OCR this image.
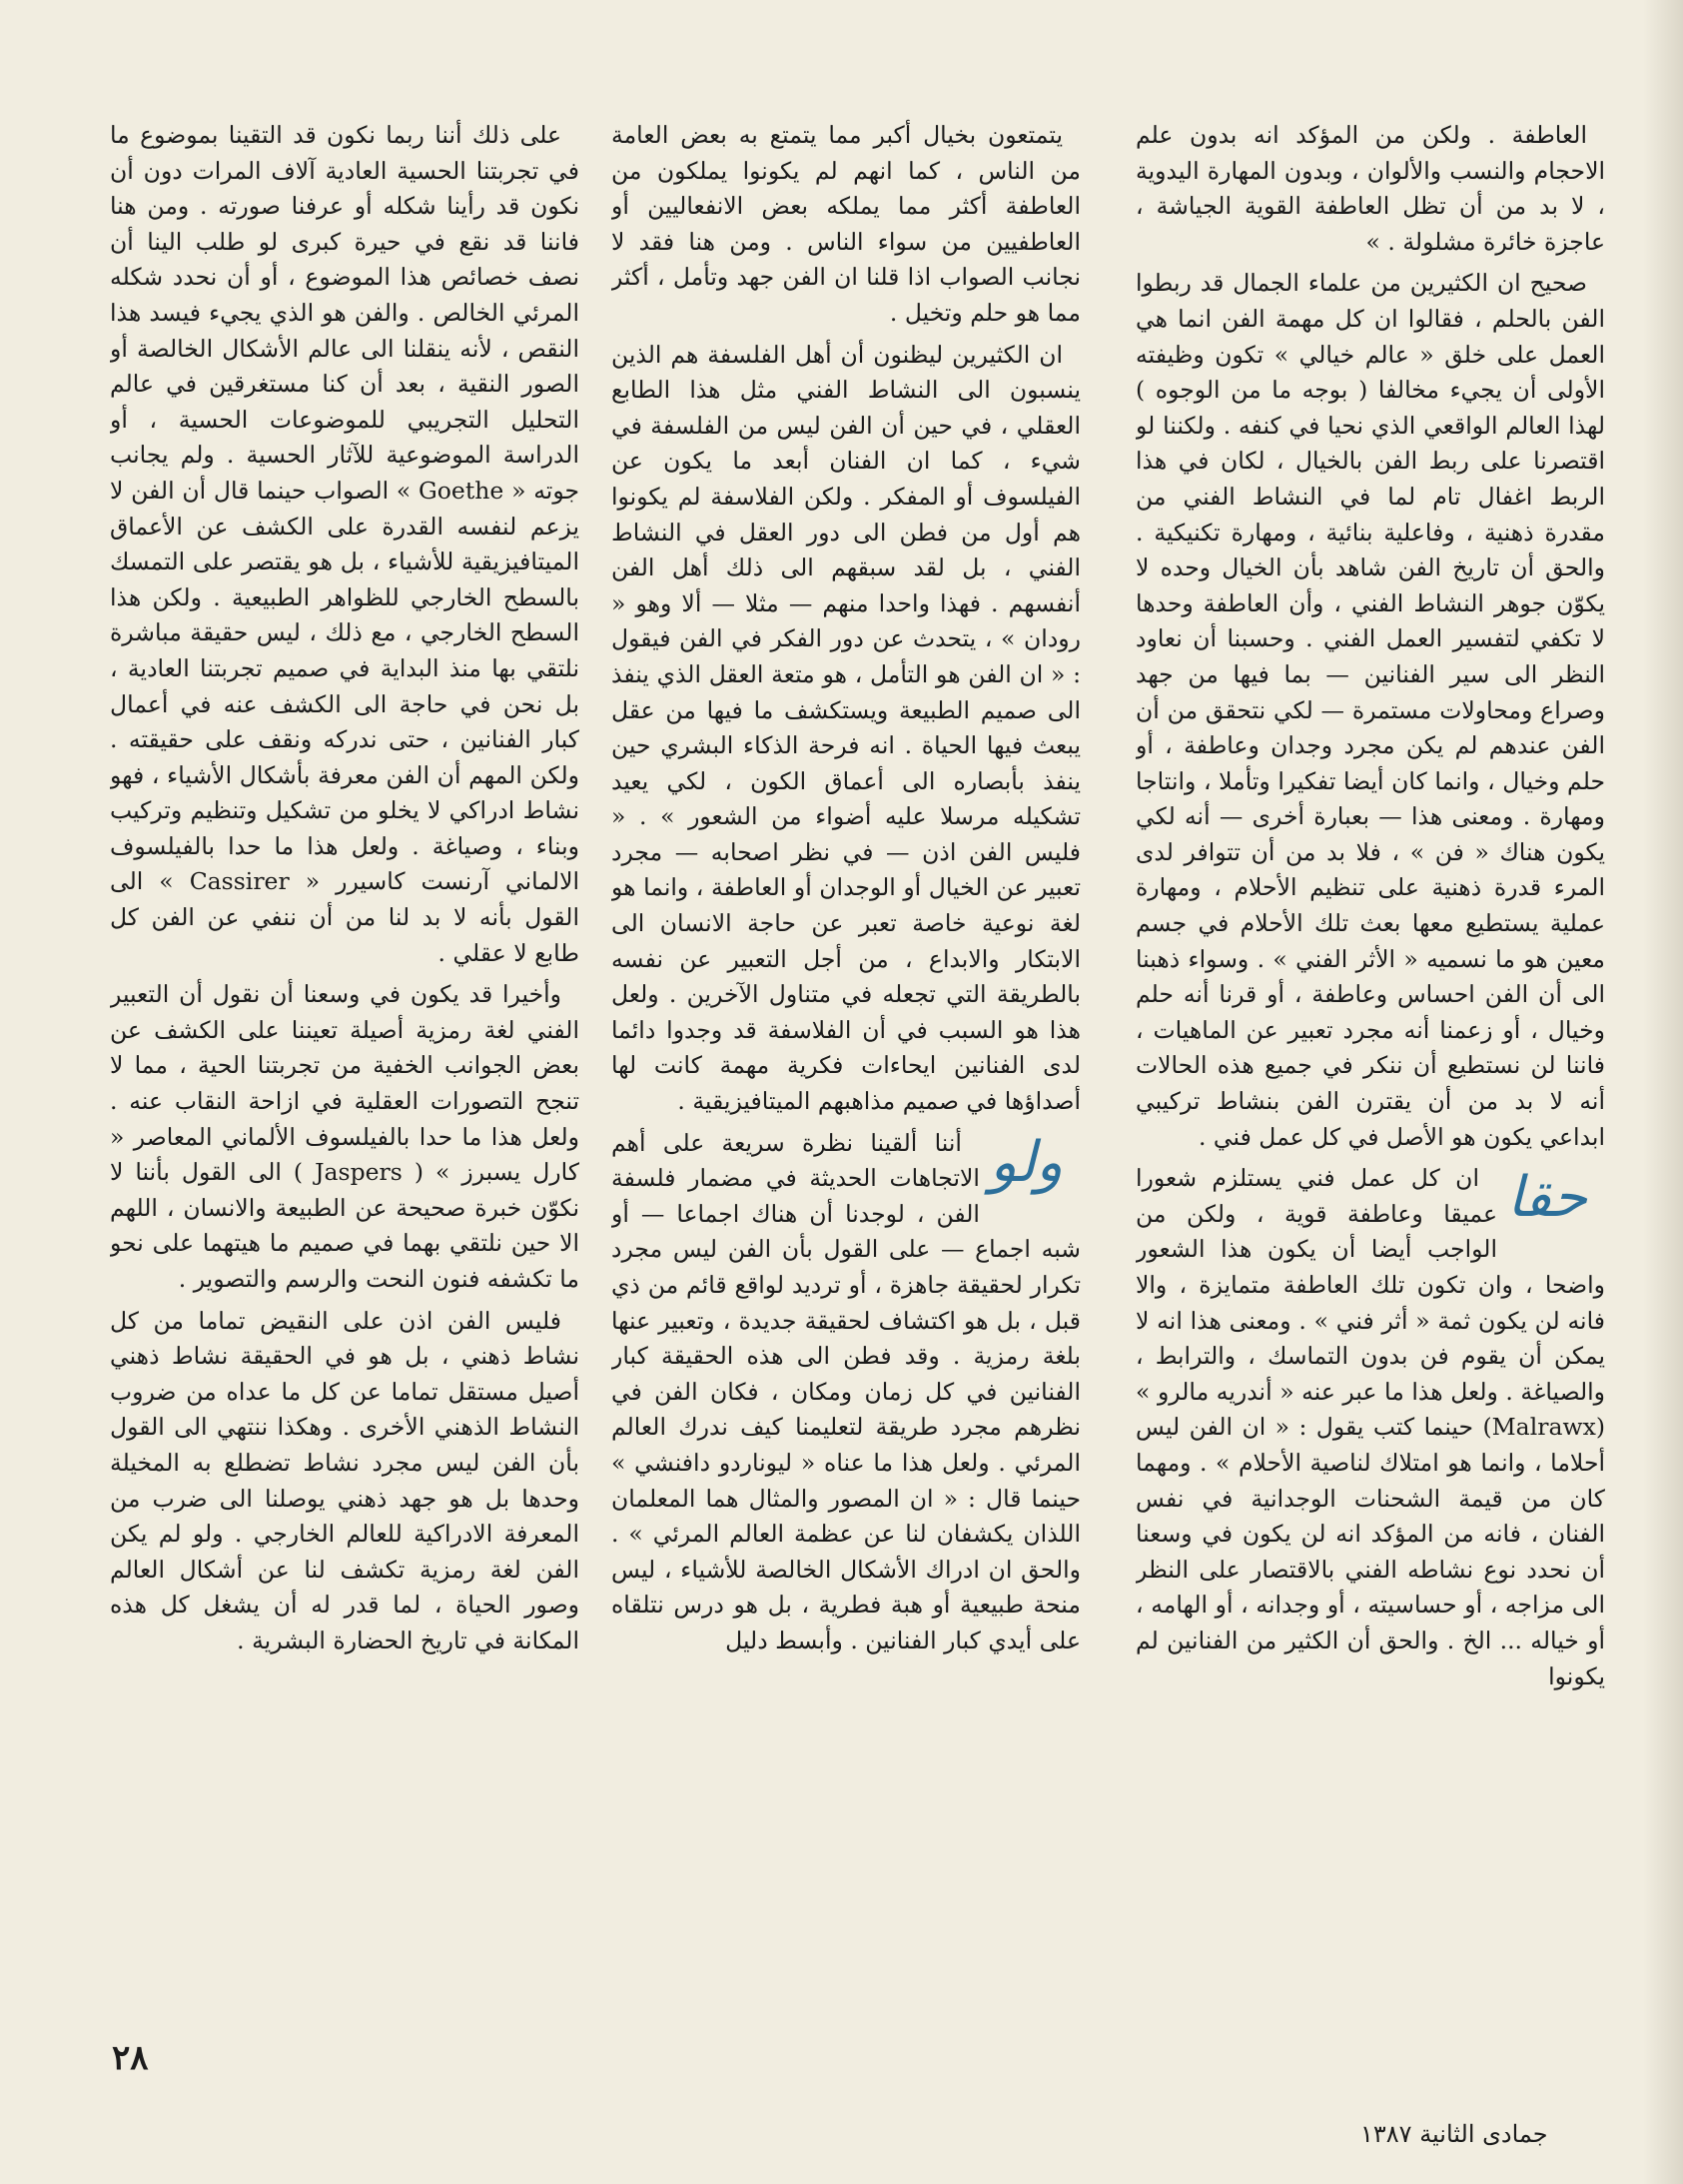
العاطفة . ولكن من المؤكد انه بدون علم الاحجام والنسب والألوان ، وبدون المهارة اليدوية ، لا بد من أن تظل العاطفة القوية الجياشة ، عاجزة خائرة مشلولة . »

صحيح ان الكثيرين من علماء الجمال قد ربطوا الفن بالحلم ، فقالوا ان كل مهمة الفن انما هي العمل على خلق « عالم خيالي » تكون وظيفته الأولى أن يجيء مخالفا ( بوجه ما من الوجوه ) لهذا العالم الواقعي الذي نحيا في كنفه . ولكننا لو اقتصرنا على ربط الفن بالخيال ، لكان في هذا الربط اغفال تام لما في النشاط الفني من مقدرة ذهنية ، وفاعلية بنائية ، ومهارة تكنيكية . والحق أن تاريخ الفن شاهد بأن الخيال وحده لا يكوّن جوهر النشاط الفني ، وأن العاطفة وحدها لا تكفي لتفسير العمل الفني . وحسبنا أن نعاود النظر الى سير الفنانين — بما فيها من جهد وصراع ومحاولات مستمرة — لكي نتحقق من أن الفن عندهم لم يكن مجرد وجدان وعاطفة ، أو حلم وخيال ، وانما كان أيضا تفكيرا وتأملا ، وانتاجا ومهارة . ومعنى هذا — بعبارة أخرى — أنه لكي يكون هناك « فن » ، فلا بد من أن تتوافر لدى المرء قدرة ذهنية على تنظيم الأحلام ، ومهارة عملية يستطيع معها بعث تلك الأحلام في جسم معين هو ما نسميه « الأثر الفني » . وسواء ذهبنا الى أن الفن احساس وعاطفة ، أو قرنا أنه حلم وخيال ، أو زعمنا أنه مجرد تعبير عن الماهيات ، فاننا لن نستطيع أن ننكر في جميع هذه الحالات أنه لا بد من أن يقترن الفن بنشاط تركيبي ابداعي يكون هو الأصل في كل عمل فني .

حقا
ان كل عمل فني يستلزم شعورا عميقا وعاطفة قوية ، ولكن من الواجب أيضا أن يكون هذا الشعور واضحا ، وان تكون تلك العاطفة متمايزة ، والا فانه لن يكون ثمة « أثر فني » . ومعنى هذا انه لا يمكن أن يقوم فن بدون التماسك ، والترابط ، والصياغة . ولعل هذا ما عبر عنه « أندريه مالرو » (Malrawx) حينما كتب يقول : « ان الفن ليس أحلاما ، وانما هو امتلاك لناصية الأحلام » . ومهما كان من قيمة الشحنات الوجدانية في نفس الفنان ، فانه من المؤكد انه لن يكون في وسعنا أن نحدد نوع نشاطه الفني بالاقتصار على النظر الى مزاجه ، أو حساسيته ، أو وجدانه ، أو الهامه ، أو خياله ... الخ . والحق أن الكثير من الفنانين لم يكونوا

يتمتعون بخيال أكبر مما يتمتع به بعض العامة من الناس ، كما انهم لم يكونوا يملكون من العاطفة أكثر مما يملكه بعض الانفعاليين أو العاطفيين من سواء الناس . ومن هنا فقد لا نجانب الصواب اذا قلنا ان الفن جهد وتأمل ، أكثر مما هو حلم وتخيل .

ان الكثيرين ليظنون أن أهل الفلسفة هم الذين ينسبون الى النشاط الفني مثل هذا الطابع العقلي ، في حين أن الفن ليس من الفلسفة في شيء ، كما ان الفنان أبعد ما يكون عن الفيلسوف أو المفكر . ولكن الفلاسفة لم يكونوا هم أول من فطن الى دور العقل في النشاط الفني ، بل لقد سبقهم الى ذلك أهل الفن أنفسهم . فهذا واحدا منهم — مثلا — ألا وهو « رودان » ، يتحدث عن دور الفكر في الفن فيقول : « ان الفن هو التأمل ، هو متعة العقل الذي ينفذ الى صميم الطبيعة ويستكشف ما فيها من عقل يبعث فيها الحياة . انه فرحة الذكاء البشري حين ينفذ بأبصاره الى أعماق الكون ، لكي يعيد تشكيله مرسلا عليه أضواء من الشعور » . « فليس الفن اذن — في نظر اصحابه — مجرد تعبير عن الخيال أو الوجدان أو العاطفة ، وانما هو لغة نوعية خاصة تعبر عن حاجة الانسان الى الابتكار والابداع ، من أجل التعبير عن نفسه بالطريقة التي تجعله في متناول الآخرين . ولعل هذا هو السبب في أن الفلاسفة قد وجدوا دائما لدى الفنانين ايحاءات فكرية مهمة كانت لها أصداؤها في صميم مذاهبهم الميتافيزيقية .

ولو
أننا ألقينا نظرة سريعة على أهم الاتجاهات الحديثة في مضمار فلسفة الفن ، لوجدنا أن هناك اجماعا — أو شبه اجماع — على القول بأن الفن ليس مجرد تكرار لحقيقة جاهزة ، أو ترديد لواقع قائم من ذي قبل ، بل هو اكتشاف لحقيقة جديدة ، وتعبير عنها بلغة رمزية . وقد فطن الى هذه الحقيقة كبار الفنانين في كل زمان ومكان ، فكان الفن في نظرهم مجرد طريقة لتعليمنا كيف ندرك العالم المرئي . ولعل هذا ما عناه « ليوناردو دافنشي » حينما قال : « ان المصور والمثال هما المعلمان اللذان يكشفان لنا عن عظمة العالم المرئي » . والحق ان ادراك الأشكال الخالصة للأشياء ، ليس منحة طبيعية أو هبة فطرية ، بل هو درس نتلقاه على أيدي كبار الفنانين . وأبسط دليل

على ذلك أننا ربما نكون قد التقينا بموضوع ما في تجربتنا الحسية العادية آلاف المرات دون أن نكون قد رأينا شكله أو عرفنا صورته . ومن هنا فاننا قد نقع في حيرة كبرى لو طلب الينا أن نصف خصائص هذا الموضوع ، أو أن نحدد شكله المرئي الخالص . والفن هو الذي يجيء فيسد هذا النقص ، لأنه ينقلنا الى عالم الأشكال الخالصة أو الصور النقية ، بعد أن كنا مستغرقين في عالم التحليل التجريبي للموضوعات الحسية ، أو الدراسة الموضوعية للآثار الحسية . ولم يجانب جوته « Goethe » الصواب حينما قال أن الفن لا يزعم لنفسه القدرة على الكشف عن الأعماق الميتافيزيقية للأشياء ، بل هو يقتصر على التمسك بالسطح الخارجي للظواهر الطبيعية . ولكن هذا السطح الخارجي ، مع ذلك ، ليس حقيقة مباشرة نلتقي بها منذ البداية في صميم تجربتنا العادية ، بل نحن في حاجة الى الكشف عنه في أعمال كبار الفنانين ، حتى ندركه ونقف على حقيقته . ولكن المهم أن الفن معرفة بأشكال الأشياء ، فهو نشاط ادراكي لا يخلو من تشكيل وتنظيم وتركيب وبناء ، وصياغة . ولعل هذا ما حدا بالفيلسوف الالماني آرنست كاسيرر « Cassirer » الى القول بأنه لا بد لنا من أن ننفي عن الفن كل طابع لا عقلي .

وأخيرا قد يكون في وسعنا أن نقول أن التعبير الفني لغة رمزية أصيلة تعيننا على الكشف عن بعض الجوانب الخفية من تجربتنا الحية ، مما لا تنجح التصورات العقلية في ازاحة النقاب عنه . ولعل هذا ما حدا بالفيلسوف الألماني المعاصر « كارل يسبرز » ( Jaspers ) الى القول بأننا لا نكوّن خبرة صحيحة عن الطبيعة والانسان ، اللهم الا حين نلتقي بهما في صميم ما هيتهما على نحو ما تكشفه فنون النحت والرسم والتصوير .

فليس الفن اذن على النقيض تماما من كل نشاط ذهني ، بل هو في الحقيقة نشاط ذهني أصيل مستقل تماما عن كل ما عداه من ضروب النشاط الذهني الأخرى . وهكذا ننتهي الى القول بأن الفن ليس مجرد نشاط تضطلع به المخيلة وحدها بل هو جهد ذهني يوصلنا الى ضرب من المعرفة الادراكية للعالم الخارجي . ولو لم يكن الفن لغة رمزية تكشف لنا عن أشكال العالم وصور الحياة ، لما قدر له أن يشغل كل هذه المكانة في تاريخ الحضارة البشرية .

٢٨
جمادى الثانية ١٣٨٧
